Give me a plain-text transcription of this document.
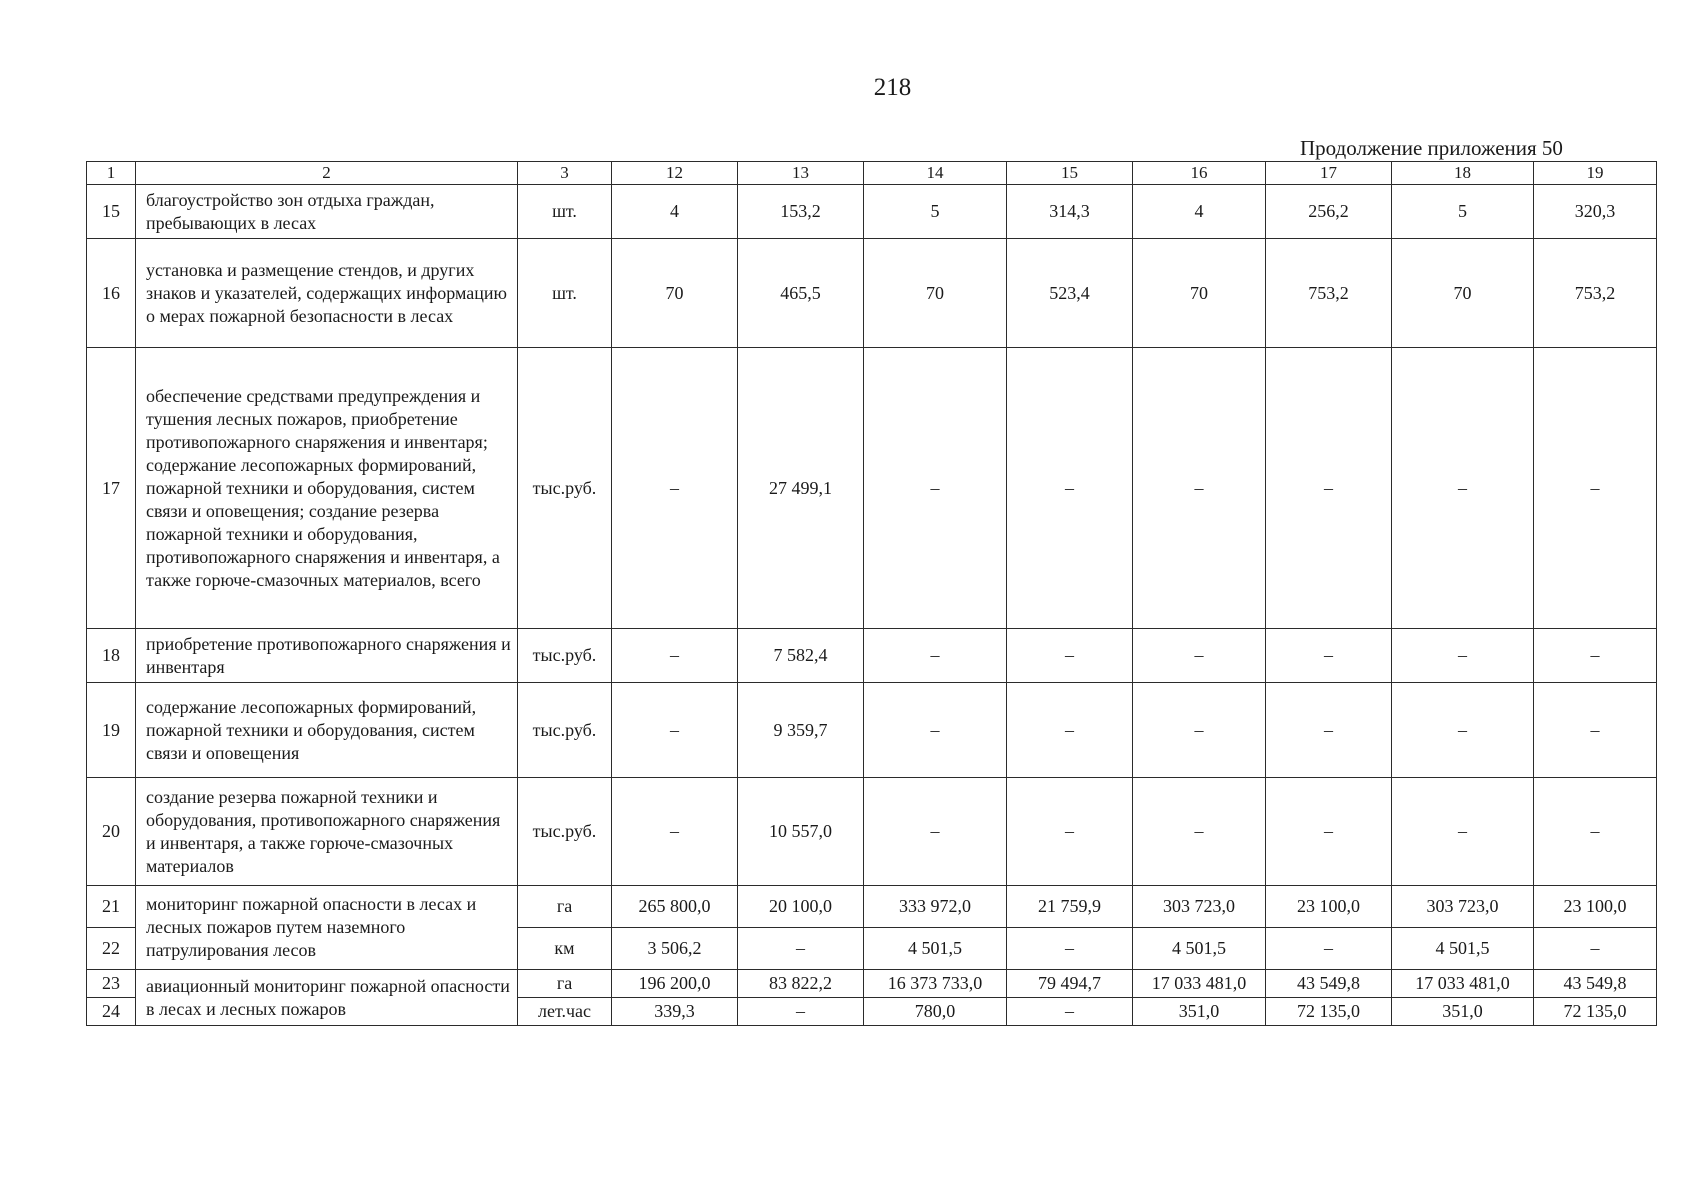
218
Продолжение приложения 50
1	2	3	12	13	14	15	16	17	18	19
15	благоустройство зон отдыха граждан, пребывающих в лесах	шт.	4	153,2	5	314,3	4	256,2	5	320,3
16	установка и размещение стендов, и других знаков и указателей, содержащих информацию о мерах пожарной безопасности в лесах	шт.	70	465,5	70	523,4	70	753,2	70	753,2
17	обеспечение средствами предупреждения и тушения лесных пожаров, приобретение противопожарного снаряжения и инвентаря; содержание лесопожарных формирований, пожарной техники и оборудования, систем связи и оповещения; создание резерва пожарной техники и оборудования, противопожарного снаряжения и инвентаря, а также горюче-смазочных материалов, всего	тыс.руб.	–	27 499,1	–	–	–	–	–	–
18	приобретение противопожарного снаряжения и инвентаря	тыс.руб.	–	7 582,4	–	–	–	–	–	–
19	содержание лесопожарных формирований, пожарной техники и оборудования, систем связи и оповещения	тыс.руб.	–	9 359,7	–	–	–	–	–	–
20	создание резерва пожарной техники и оборудования, противопожарного снаряжения и инвентаря, а также горюче-смазочных материалов	тыс.руб.	–	10 557,0	–	–	–	–	–	–
21	мониторинг пожарной опасности в лесах и лесных пожаров путем наземного патрулирования лесов	га	265 800,0	20 100,0	333 972,0	21 759,9	303 723,0	23 100,0	303 723,0	23 100,0
22		км	3 506,2	–	4 501,5	–	4 501,5	–	4 501,5	–
23	авиационный мониторинг пожарной опасности в лесах и лесных пожаров	га	196 200,0	83 822,2	16 373 733,0	79 494,7	17 033 481,0	43 549,8	17 033 481,0	43 549,8
24		лет.час	339,3	–	780,0	–	351,0	72 135,0	351,0	72 135,0
